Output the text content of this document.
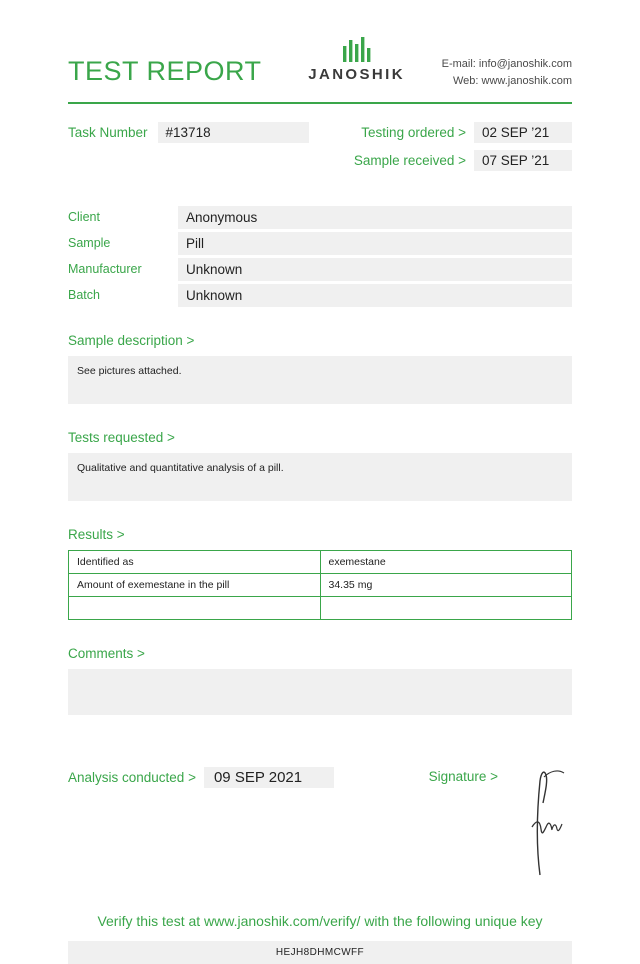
TEST REPORT	JANOSHIK
E-mail: info@janoshik.com
Web: www.janoshik.com
Task Number	#13718	Testing ordered >	02 SEP ’21
Sample received >	07 SEP ’21
Client	Anonymous
Sample	Pill
Manufacturer	Unknown
Batch	Unknown
Sample description >
See pictures attached.
Tests requested >
Qualitative and quantitative analysis of a pill.
Results >
Identified as	exemestane
Amount of exemestane in the pill	34.35 mg

Comments >
Analysis conducted >	09 SEP 2021	Signature >
Verify this test at www.janoshik.com/verify/ with the following unique key
HEJH8DHMCWFF
